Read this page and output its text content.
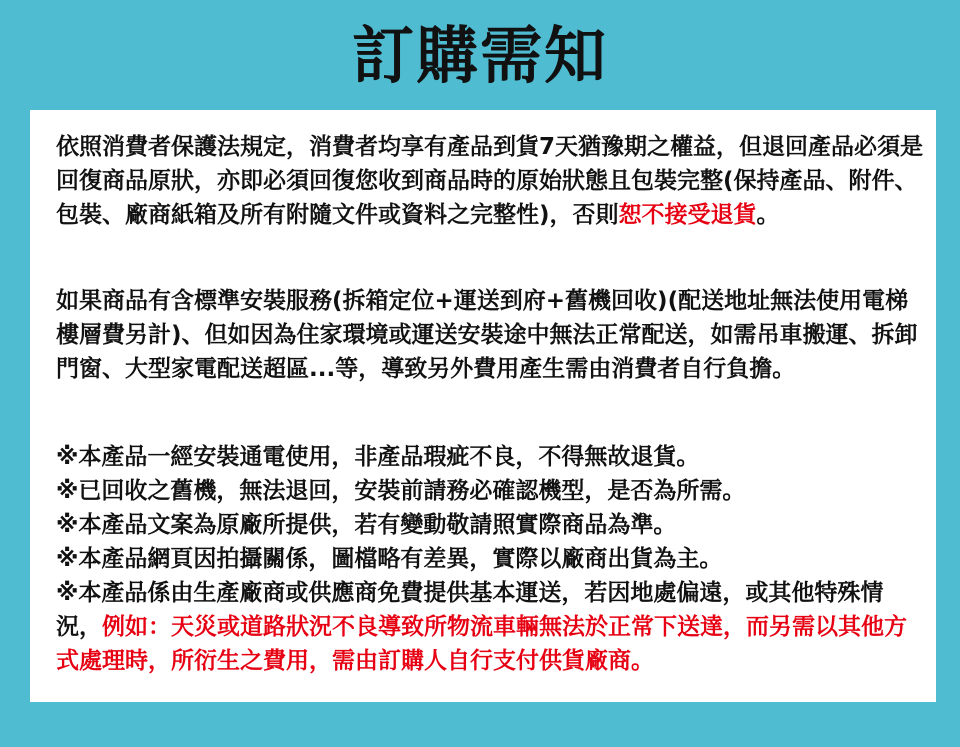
訂購需知

依照消費者保護法規定，消費者均享有產品到貨7天猶豫期之權益，但退回產品必須是回復商品原狀，亦即必須回復您收到商品時的原始狀態且包裝完整(保持產品、附件、包裝、廠商紙箱及所有附隨文件或資料之完整性)，否則恕不接受退貨。

如果商品有含標準安裝服務(拆箱定位+運送到府+舊機回收)(配送地址無法使用電梯樓層費另計)、但如因為住家環境或運送安裝途中無法正常配送，如需吊車搬運、拆卸門窗、大型家電配送超區...等，導致另外費用產生需由消費者自行負擔。

※本產品一經安裝通電使用，非產品瑕疵不良，不得無故退貨。
※已回收之舊機，無法退回，安裝前請務必確認機型，是否為所需。
※本產品文案為原廠所提供，若有變動敬請照實際商品為準。
※本產品網頁因拍攝關係，圖檔略有差異，實際以廠商出貨為主。
※本產品係由生產廠商或供應商免費提供基本運送，若因地處偏遠，或其他特殊情況，例如：天災或道路狀況不良導致所物流車輛無法於正常下送達，而另需以其他方式處理時，所衍生之費用，需由訂購人自行支付供貨廠商。
